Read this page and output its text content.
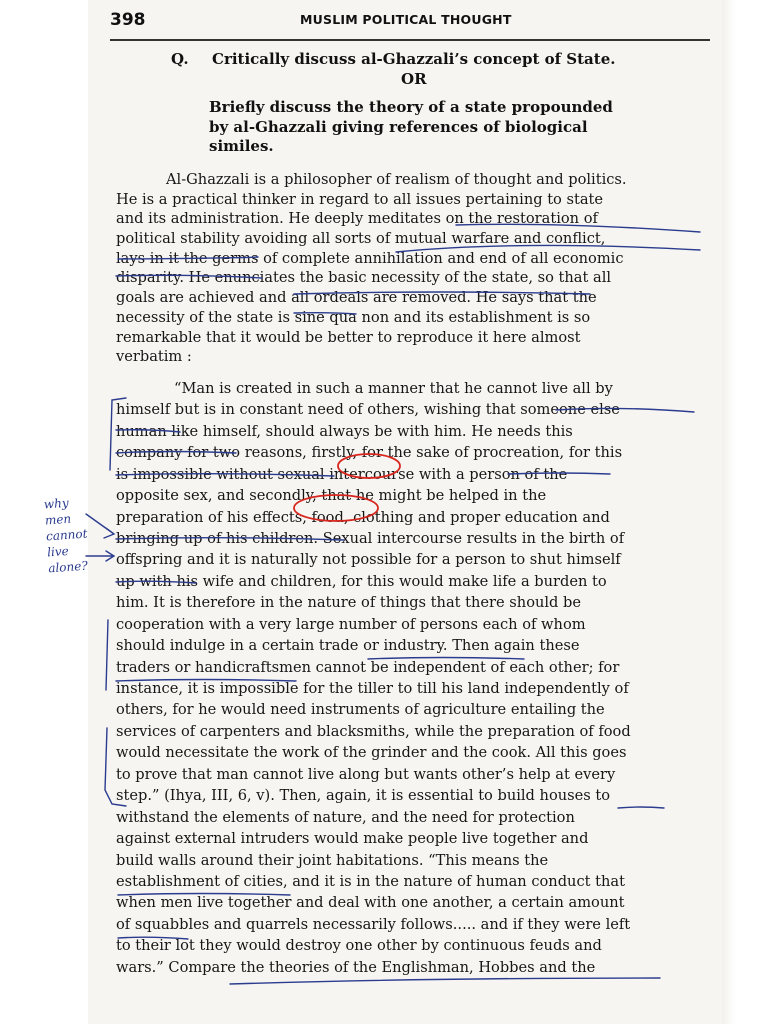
398	MUSLIM POLITICAL THOUGHT
Q. Critically discuss al-Ghazzali’s concept of State.
OR
Briefly discuss the theory of a state propounded
by al-Ghazzali giving references of biological
similes.
Al-Ghazzali is a philosopher of realism of thought and politics.
He is a practical thinker in regard to all issues pertaining to state
and its administration. He deeply meditates on the restoration of
political stability avoiding all sorts of mutual warfare and conflict,
lays in it the germs of complete annihilation and end of all economic
disparity. He enunciates the basic necessity of the state, so that all
goals are achieved and all ordeals are removed. He says that the
necessity of the state is sine qua non and its establishment is so
remarkable that it would be better to reproduce it here almost
verbatim :
“Man is created in such a manner that he cannot live all by
himself but is in constant need of others, wishing that someone else
human like himself, should always be with him. He needs this
company for two reasons, firstly, for the sake of procreation, for this
is impossible without sexual intercourse with a person of the
opposite sex, and secondly, that he might be helped in the
preparation of his effects, food, clothing and proper education and
bringing up of his children. Sexual intercourse results in the birth of
offspring and it is naturally not possible for a person to shut himself
up with his wife and children, for this would make life a burden to
him. It is therefore in the nature of things that there should be
cooperation with a very large number of persons each of whom
should indulge in a certain trade or industry. Then again these
traders or handicraftsmen cannot be independent of each other; for
instance, it is impossible for the tiller to till his land independently of
others, for he would need instruments of agriculture entailing the
services of carpenters and blacksmiths, while the preparation of food
would necessitate the work of the grinder and the cook. All this goes
to prove that man cannot live along but wants other’s help at every
step.” (Ihya, III, 6, v). Then, again, it is essential to build houses to
withstand the elements of nature, and the need for protection
against external intruders would make people live together and
build walls around their joint habitations. “This means the
establishment of cities, and it is in the nature of human conduct that
when men live together and deal with one another, a certain amount
of squabbles and quarrels necessarily follows..... and if they were left
to their lot they would destroy one other by continuous feuds and
wars.” Compare the theories of the Englishman, Hobbes and the
why
men
cannot
live
alone?
